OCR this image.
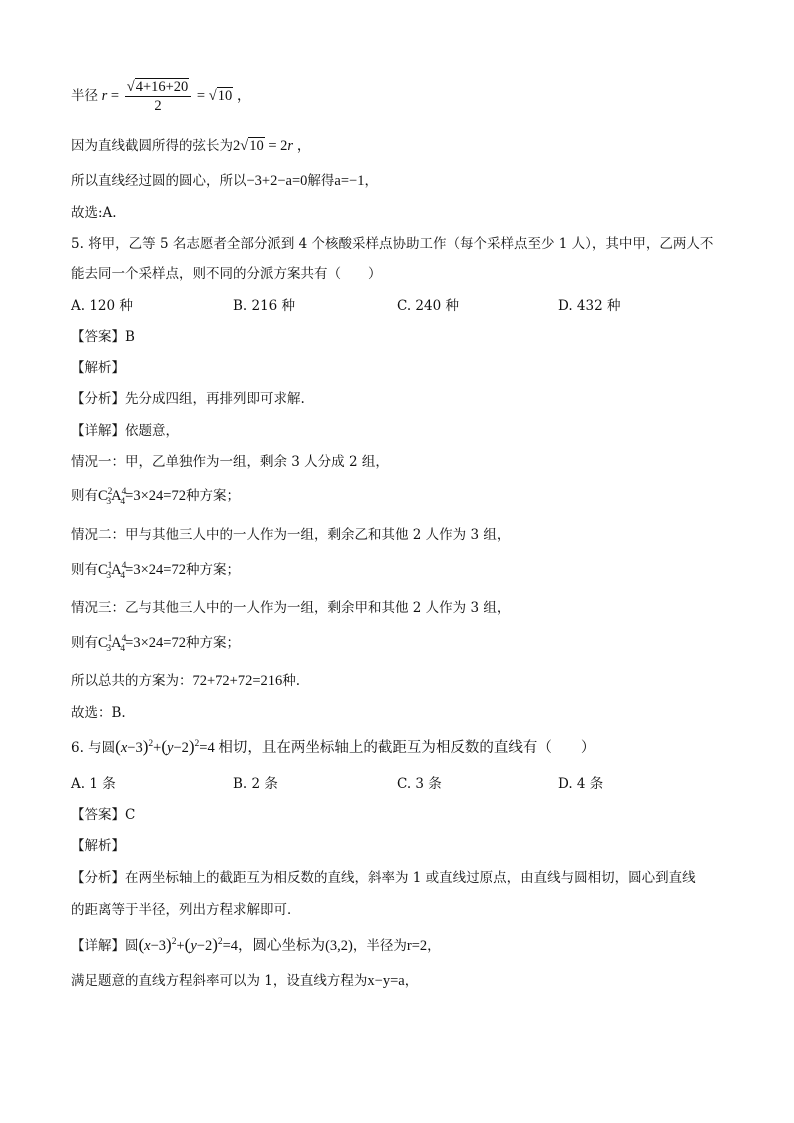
半径 $r = \frac{√4+16+20}{2} = √10$ ，
因为直线截圆所得的弦长为2√10 = 2r ，
所以直线经过圆的圆心，所以−3+2−a=0解得a=−1，
故选:A.
5. 将甲，乙等 5 名志愿者全部分派到 4 个核酸采样点协助工作（每个采样点至少 1 人），其中甲，乙两人不
能去同一个采样点，则不同的分派方案共有（　　）
A. 120 种	B. 216 种	C. 240 种	D. 432 种
【答案】B
【解析】
【分析】先分成四组，再排列即可求解.
【详解】依题意，
情况一：甲，乙单独作为一组，剩余 3 人分成 2 组，
则有$C^2_3A^4_4=3\times 24=72$种方案；
情况二：甲与其他三人中的一人作为一组，剩余乙和其他 2 人作为 3 组，
则有$C^1_3A^4_4=3\times 24=72$种方案；
情况三：乙与其他三人中的一人作为一组，剩余甲和其他 2 人作为 3 组，
则有$C^1_3A^4_4=3\times 24=72$种方案；
所以总共的方案为：72+72+72=216种.
故选：B.
6. 与圆$(x-3)^2+(y-2)^2=4$ 相切，且在两坐标轴上的截距互为相反数的直线有（　　）
A. 1 条	B. 2 条	C. 3 条	D. 4 条
【答案】C
【解析】
【分析】在两坐标轴上的截距互为相反数的直线，斜率为 1 或直线过原点，由直线与圆相切，圆心到直线
的距离等于半径，列出方程求解即可．
【详解】圆$(x-3)^2+(y-2)^2=4$，圆心坐标为(3,2)，半径为r=2，
满足题意的直线方程斜率可以为 1，设直线方程为x−y=a，
